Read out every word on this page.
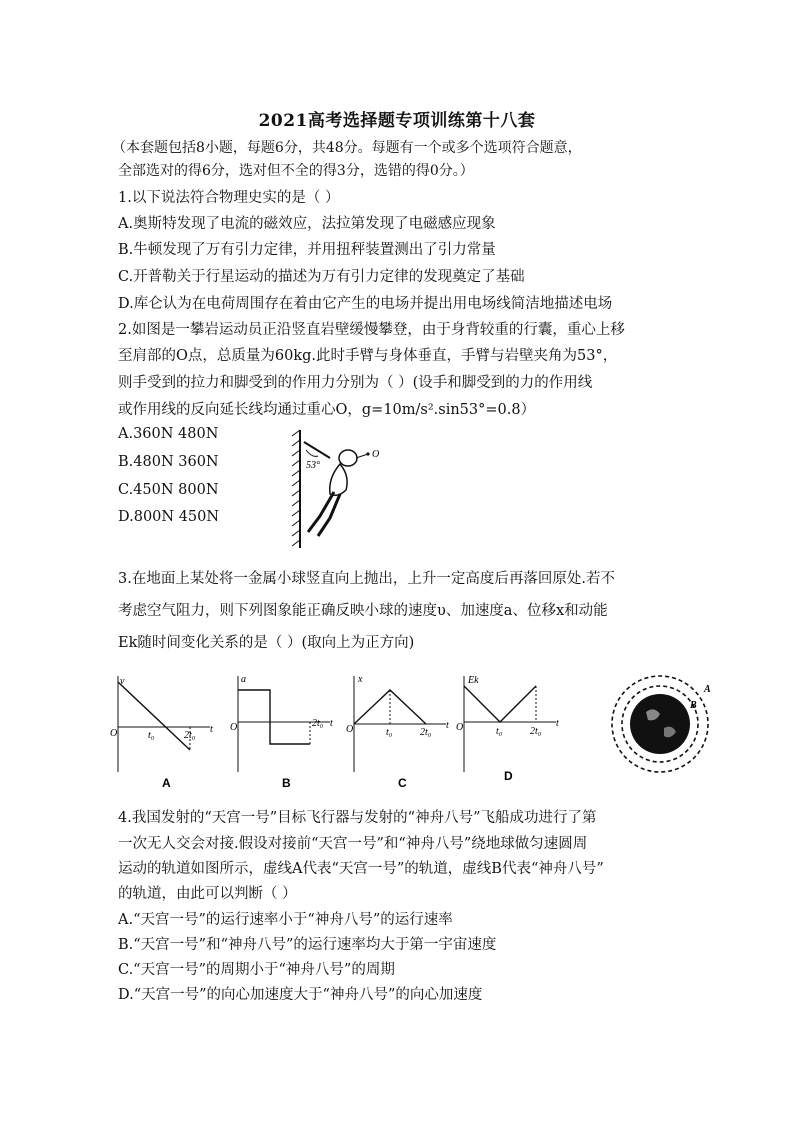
2021高考选择题专项训练第十八套
（本套题包括8小题，每题6分，共48分。每题有一个或多个选项符合题意，
全部选对的得6分，选对但不全的得3分，选错的得0分。）
1.以下说法符合物理史实的是（ ）
A.奥斯特发现了电流的磁效应，法拉第发现了电磁感应现象
B.牛顿发现了万有引力定律，并用扭秤装置测出了引力常量
C.开普勒关于行星运动的描述为万有引力定律的发现奠定了基础
D.库仑认为在电荷周围存在着由它产生的电场并提出用电场线简洁地描述电场
2.如图是一攀岩运动员正沿竖直岩壁缓慢攀登，由于身背较重的行囊，重心上移
至肩部的O点，总质量为60kg.此时手臂与身体垂直，手臂与岩壁夹角为53°，
则手受到的拉力和脚受到的作用力分别为（ ）(设手和脚受到的力的作用线
或作用线的反向延长线均通过重心O，g=10m/s².sin53°=0.8）
A.360N 480N
B.480N 360N
C.450N 800N
D.800N 450N
53°
O
3.在地面上某处将一金属小球竖直向上抛出，上升一定高度后再落回原处.若不
考虑空气阻力，则下列图象能正确反映小球的速度υ、加速度a、位移x和动能
Ek随时间变化关系的是（ ）(取向上为正方向)
v
O	t₀	2t₀
t
A
a
O	2t₀ t
B
x
O	t₀	2t₀
t
C
Ek
O	t₀	2t₀
t
D
A
B
4.我国发射的“天宫一号”目标飞行器与发射的“神舟八号”飞船成功进行了第
一次无人交会对接.假设对接前“天宫一号”和“神舟八号”绕地球做匀速圆周
运动的轨道如图所示，虚线A代表“天宫一号”的轨道，虚线B代表“神舟八号”
的轨道，由此可以判断（ ）
A.“天宫一号”的运行速率小于“神舟八号”的运行速率
B.“天宫一号”和“神舟八号”的运行速率均大于第一宇宙速度
C.“天宫一号”的周期小于“神舟八号”的周期
D.“天宫一号”的向心加速度大于“神舟八号”的向心加速度
